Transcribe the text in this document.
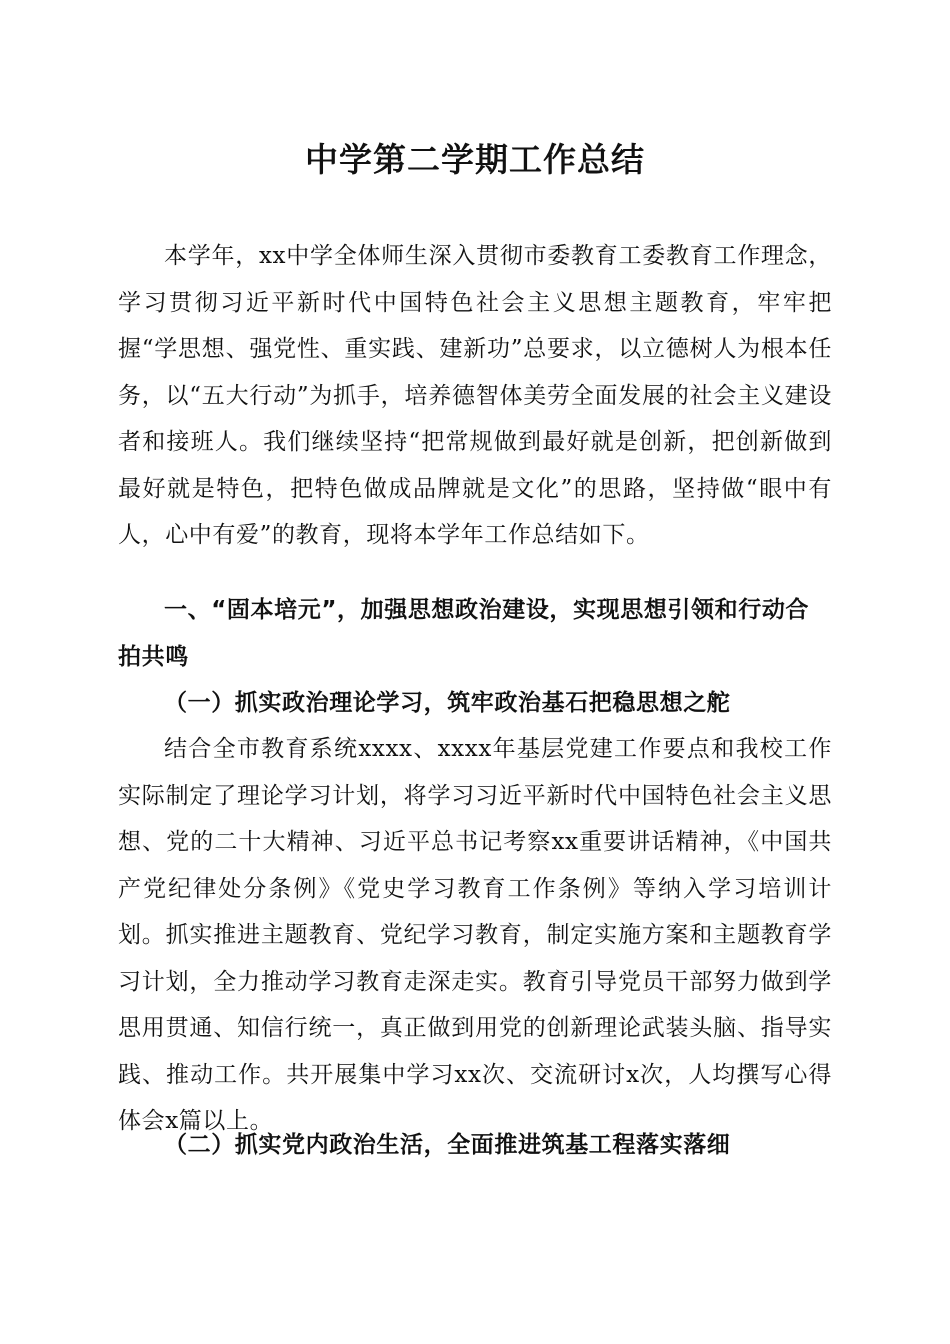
中学第二学期工作总结

本学年，xx中学全体师生深入贯彻市委教育工委教育工作理念，学习贯彻习近平新时代中国特色社会主义思想主题教育，牢牢把握“学思想、强党性、重实践、建新功”总要求，以立德树人为根本任务，以“五大行动”为抓手，培养德智体美劳全面发展的社会主义建设者和接班人。我们继续坚持“把常规做到最好就是创新，把创新做到最好就是特色，把特色做成品牌就是文化”的思路，坚持做“眼中有人，心中有爱”的教育，现将本学年工作总结如下。

一、“固本培元”，加强思想政治建设，实现思想引领和行动合拍共鸣
（一）抓实政治理论学习，筑牢政治基石把稳思想之舵

结合全市教育系统xxxx、xxxx年基层党建工作要点和我校工作实际制定了理论学习计划，将学习习近平新时代中国特色社会主义思想、党的二十大精神、习近平总书记考察xx重要讲话精神，《中国共产党纪律处分条例》《党史学习教育工作条例》等纳入学习培训计划。抓实推进主题教育、党纪学习教育，制定实施方案和主题教育学习计划，全力推动学习教育走深走实。教育引导党员干部努力做到学思用贯通、知信行统一，真正做到用党的创新理论武装头脑、指导实践、推动工作。共开展集中学习xx次、交流研讨x次，人均撰写心得体会x篇以上。

（二）抓实党内政治生活，全面推进筑基工程落实落细
